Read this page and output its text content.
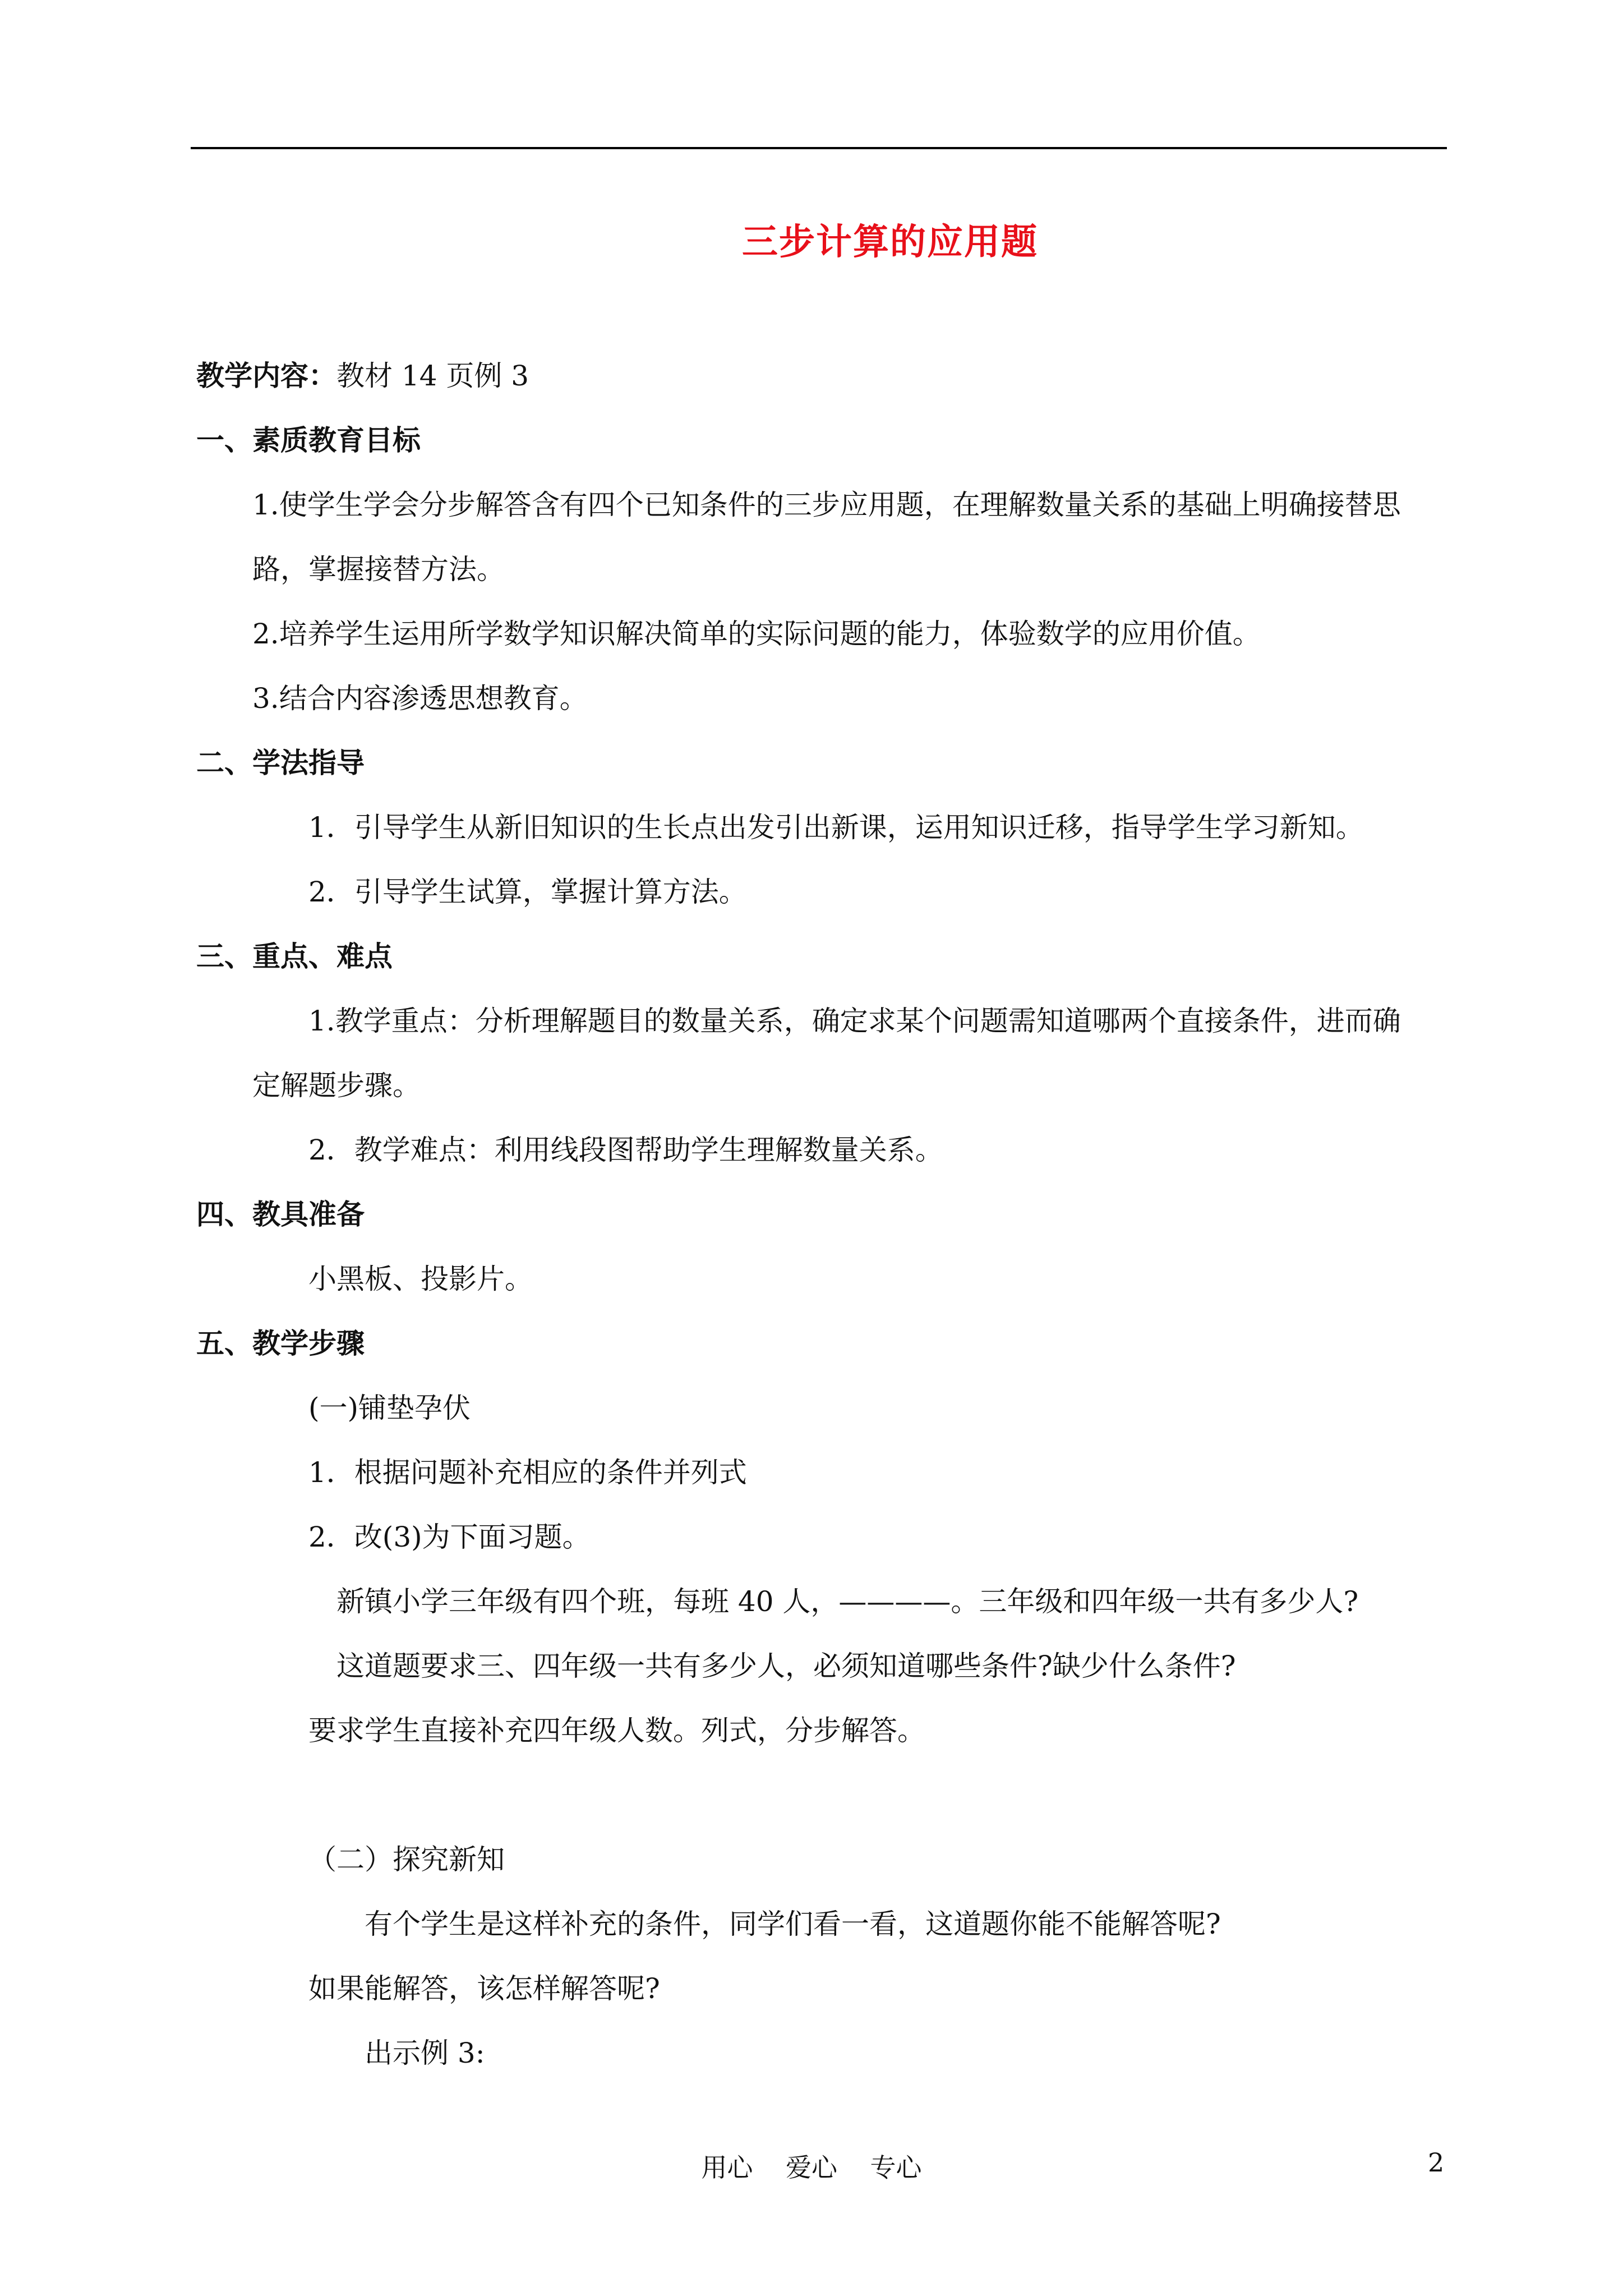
三步计算的应用题
教学内容：教材 14 页例 3
一、素质教育目标
1.使学生学会分步解答含有四个已知条件的三步应用题，在理解数量关系的基础上明确接替思
路，掌握接替方法。
2.培养学生运用所学数学知识解决简单的实际问题的能力，体验数学的应用价值。
3.结合内容渗透思想教育。
二、学法指导
1．引导学生从新旧知识的生长点出发引出新课，运用知识迁移，指导学生学习新知。
2．引导学生试算，掌握计算方法。
三、重点、难点
1.教学重点：分析理解题目的数量关系，确定求某个问题需知道哪两个直接条件，进而确
定解题步骤。
2．教学难点：利用线段图帮助学生理解数量关系。
四、教具准备
小黑板、投影片。
五、教学步骤
(一)铺垫孕伏
1．根据问题补充相应的条件并列式
2．改(3)为下面习题。
新镇小学三年级有四个班，每班 40 人，————。三年级和四年级一共有多少人?
这道题要求三、四年级一共有多少人，必须知道哪些条件?缺少什么条件?
要求学生直接补充四年级人数。列式，分步解答。
（二）探究新知
有个学生是这样补充的条件，同学们看一看，这道题你能不能解答呢?
如果能解答，该怎样解答呢?
出示例 3:
用心    爱心    专心	2
